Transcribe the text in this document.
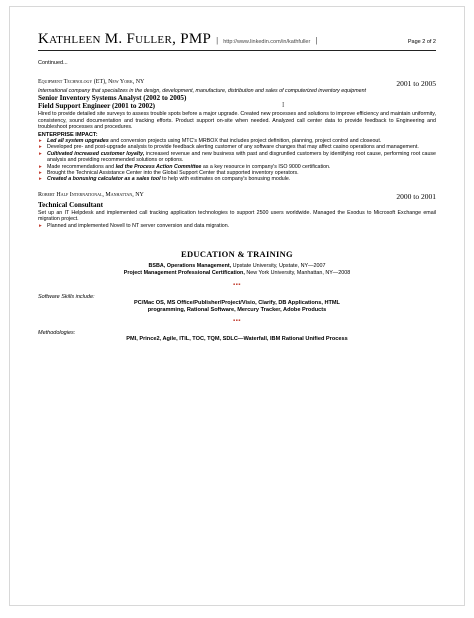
Kathleen M. Fuller, PMP | http://www.linkedin.com/in/kathfuller |	Page 2 of 2
Continued...
Equipment Technology (ET), New York, NY	2001 to 2005
International company that specializes in the design, development, manufacture, distribution and sales of computerized inventory equipment
Senior Inventory Systems Analyst (2002 to 2005)
Field Support Engineer (2001 to 2002)
Hired to provide detailed site surveys to assess trouble spots before a major upgrade. Created new processes and solutions to improve efficiency and maintain uniformity, consistency, sound documentation and tracking efforts. Product support on-site when needed. Analyzed call center data to provide feedback to Engineering and troubleshoot processes and procedures.
ENTERPRISE IMPACT:
▸ Led all system upgrades and conversion projects using MTC's MRBOX that includes project definition, planning, project control and closeout.
▸ Developed pre- and post-upgrade analysis to provide feedback alerting customer of any software changes that may affect casino operations and management.
▸ Cultivated increased customer loyalty, increased revenue and new business with past and disgruntled customers by identifying root cause, performing root cause analysis and providing recommended solutions or options.
▸ Made recommendations and led the Process Action Committee as a key resource in company's ISO 9000 certification.
▸ Brought the Technical Assistance Center into the Global Support Center that supported inventory operators.
▸ Created a bonusing calculator as a sales tool to help with estimates on company's bonusing module.
Robert Half International, Manhattan, NY	2000 to 2001
Technical Consultant
Set up an IT Helpdesk and implemented call tracking application technologies to support 2500 users worldwide. Managed the Exodus to Microsoft Exchange email migration project.
▸ Planned and implemented Novell to NT server conversion and data migration.
EDUCATION & TRAINING
BSBA, Operations Management, Upstate University, Upstate, NY—2007
Project Management Professional Certification, New York University, Manhattan, NY—2008
▪▪▪
Software Skills include:
PC/Mac OS, MS Office/Publisher/Project/Visio, Clarify, DB Applications, HTML
programming, Rational Software, Mercury Tracker, Adobe Products
▪▪▪
Methodologies:
PMI, Prince2, Agile, ITIL, TOC, TQM, SDLC—Waterfall, IBM Rational Unified Process
I
